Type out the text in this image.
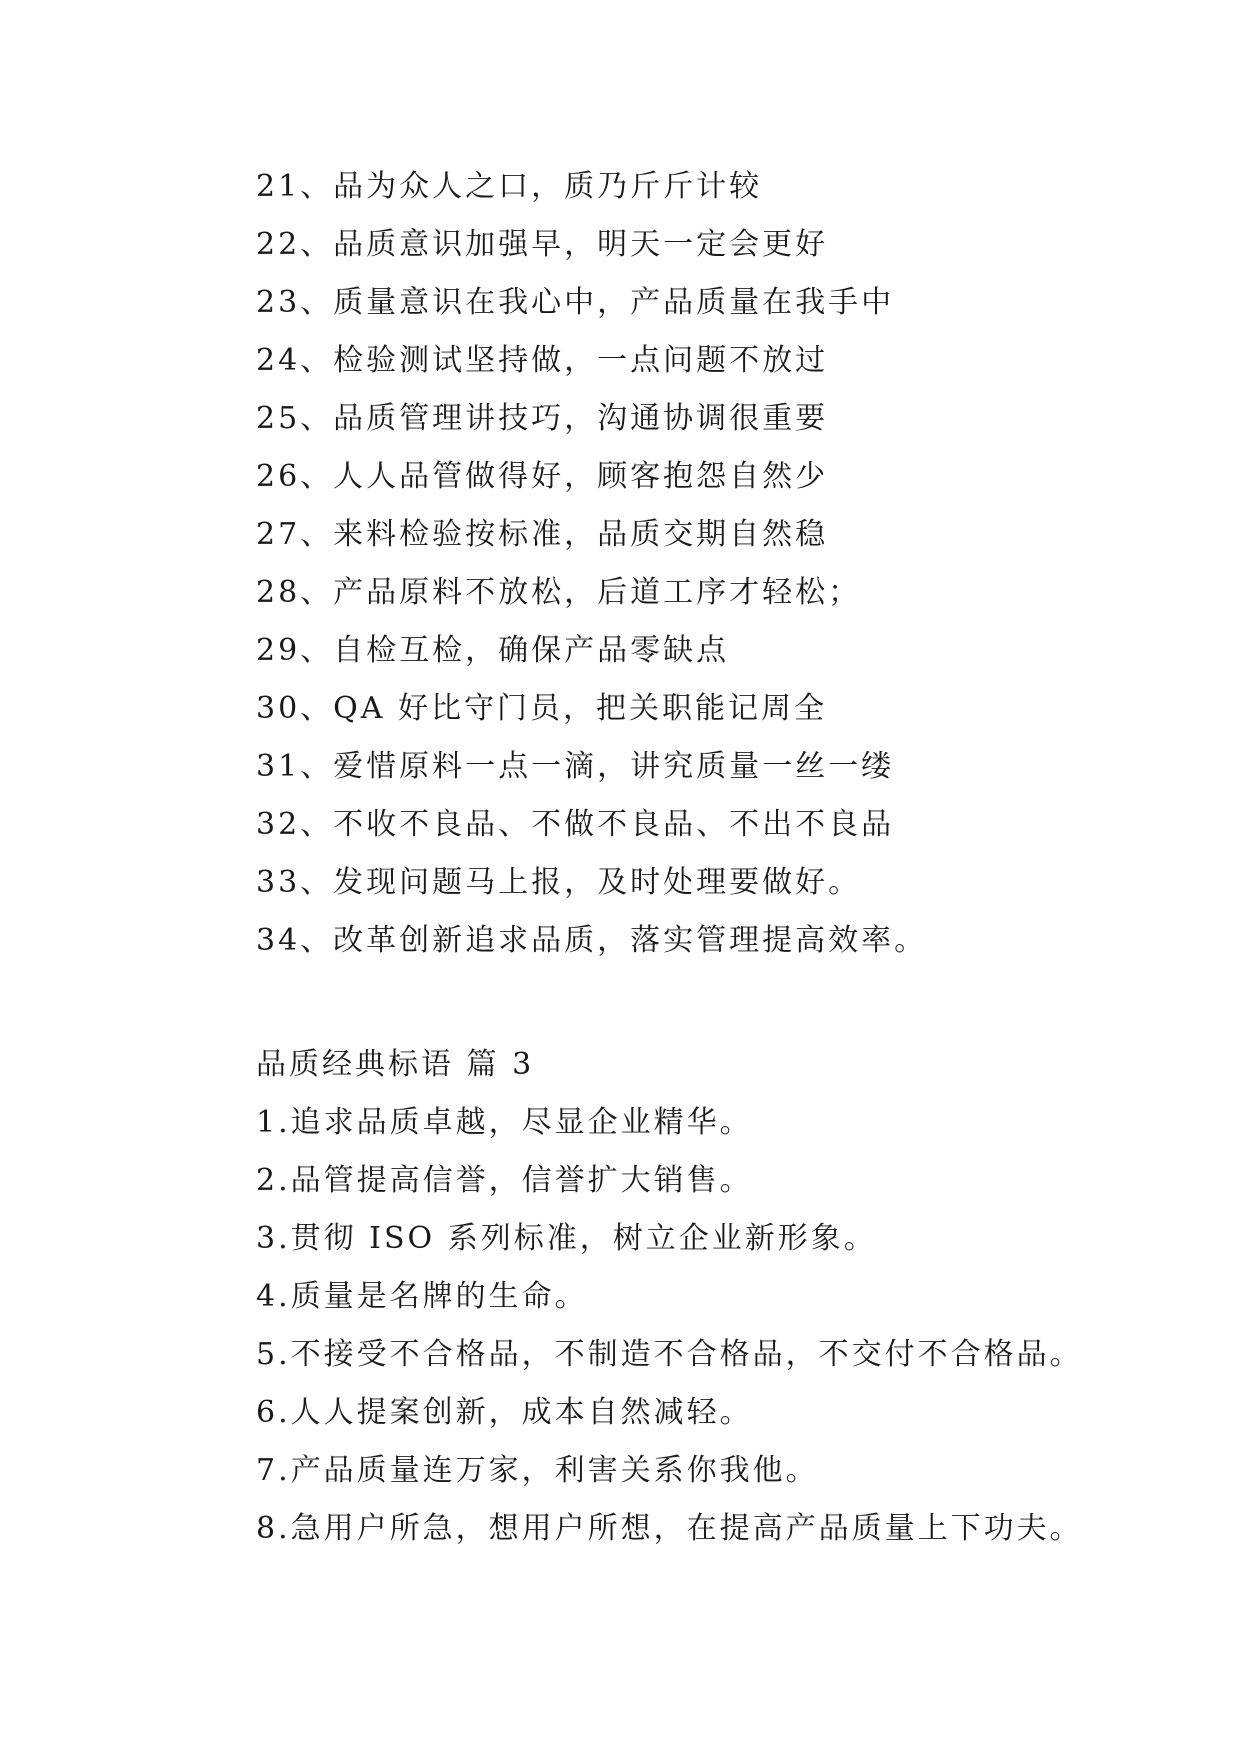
21、品为众人之口，质乃斤斤计较
22、品质意识加强早，明天一定会更好
23、质量意识在我心中，产品质量在我手中
24、检验测试坚持做，一点问题不放过
25、品质管理讲技巧，沟通协调很重要
26、人人品管做得好，顾客抱怨自然少
27、来料检验按标准，品质交期自然稳
28、产品原料不放松，后道工序才轻松；
29、自检互检，确保产品零缺点
30、QA 好比守门员，把关职能记周全
31、爱惜原料一点一滴，讲究质量一丝一缕
32、不收不良品、不做不良品、不出不良品
33、发现问题马上报，及时处理要做好。
34、改革创新追求品质，落实管理提高效率。
品质经典标语 篇 3
1.追求品质卓越，尽显企业精华。
2.品管提高信誉，信誉扩大销售。
3.贯彻 ISO 系列标准，树立企业新形象。
4.质量是名牌的生命。
5.不接受不合格品，不制造不合格品，不交付不合格品。
6.人人提案创新，成本自然减轻。
7.产品质量连万家，利害关系你我他。
8.急用户所急，想用户所想，在提高产品质量上下功夫。
